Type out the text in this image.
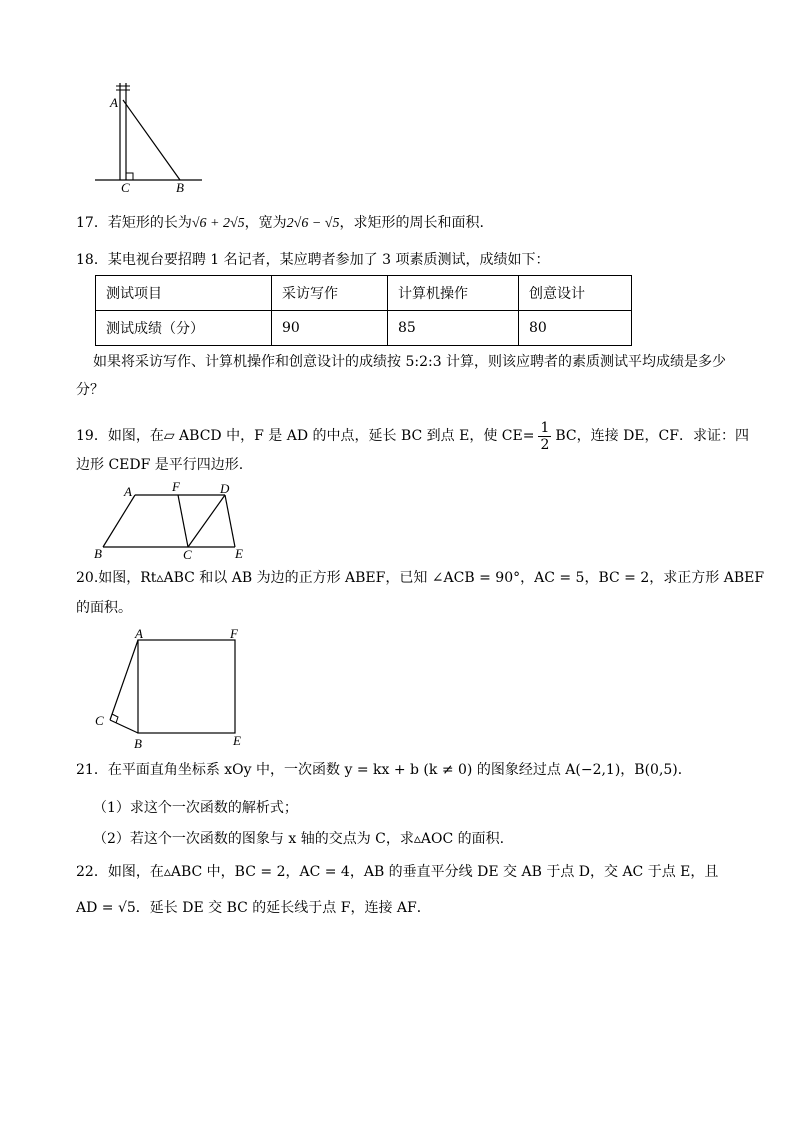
A
C	B
17．若矩形的长为√6 + 2√5，宽为2√6 − √5，求矩形的周长和面积.
18．某电视台要招聘 1 名记者，某应聘者参加了 3 项素质测试，成绩如下：
测试项目	采访写作	计算机操作	创意设计
测试成绩（分）	90	85	80
如果将采访写作、计算机操作和创意设计的成绩按 5:2:3 计算，则该应聘者的素质测试平均成绩是多少
分？
19． 如图，在▱ ABCD 中，F 是 AD 的中点，延长 BC 到点 E，使 $CE= \frac{1}{2}$ BC，连接 DE，CF．求证：四
边形 CEDF 是平行四边形.
A	F	D
B	C	E
20.如图，Rt▵ABC 和以 AB 为边的正方形 ABEF，已知 ∠ACB = 90°，AC = 5，BC = 2，求正方形 ABEF
的面积。
A	F
C
B	E
21．在平面直角坐标系 xOy 中，一次函数 y = kx + b (k ≠ 0) 的图象经过点 A(−2,1)，B(0,5)．
（1）求这个一次函数的解析式；
（2）若这个一次函数的图象与 x 轴的交点为 C，求▵AOC 的面积.
22．如图，在▵ABC 中，BC = 2，AC = 4，AB 的垂直平分线 DE 交 AB 于点 D，交 AC 于点 E，且
AD = √5．延长 DE 交 BC 的延长线于点 F，连接 AF．
